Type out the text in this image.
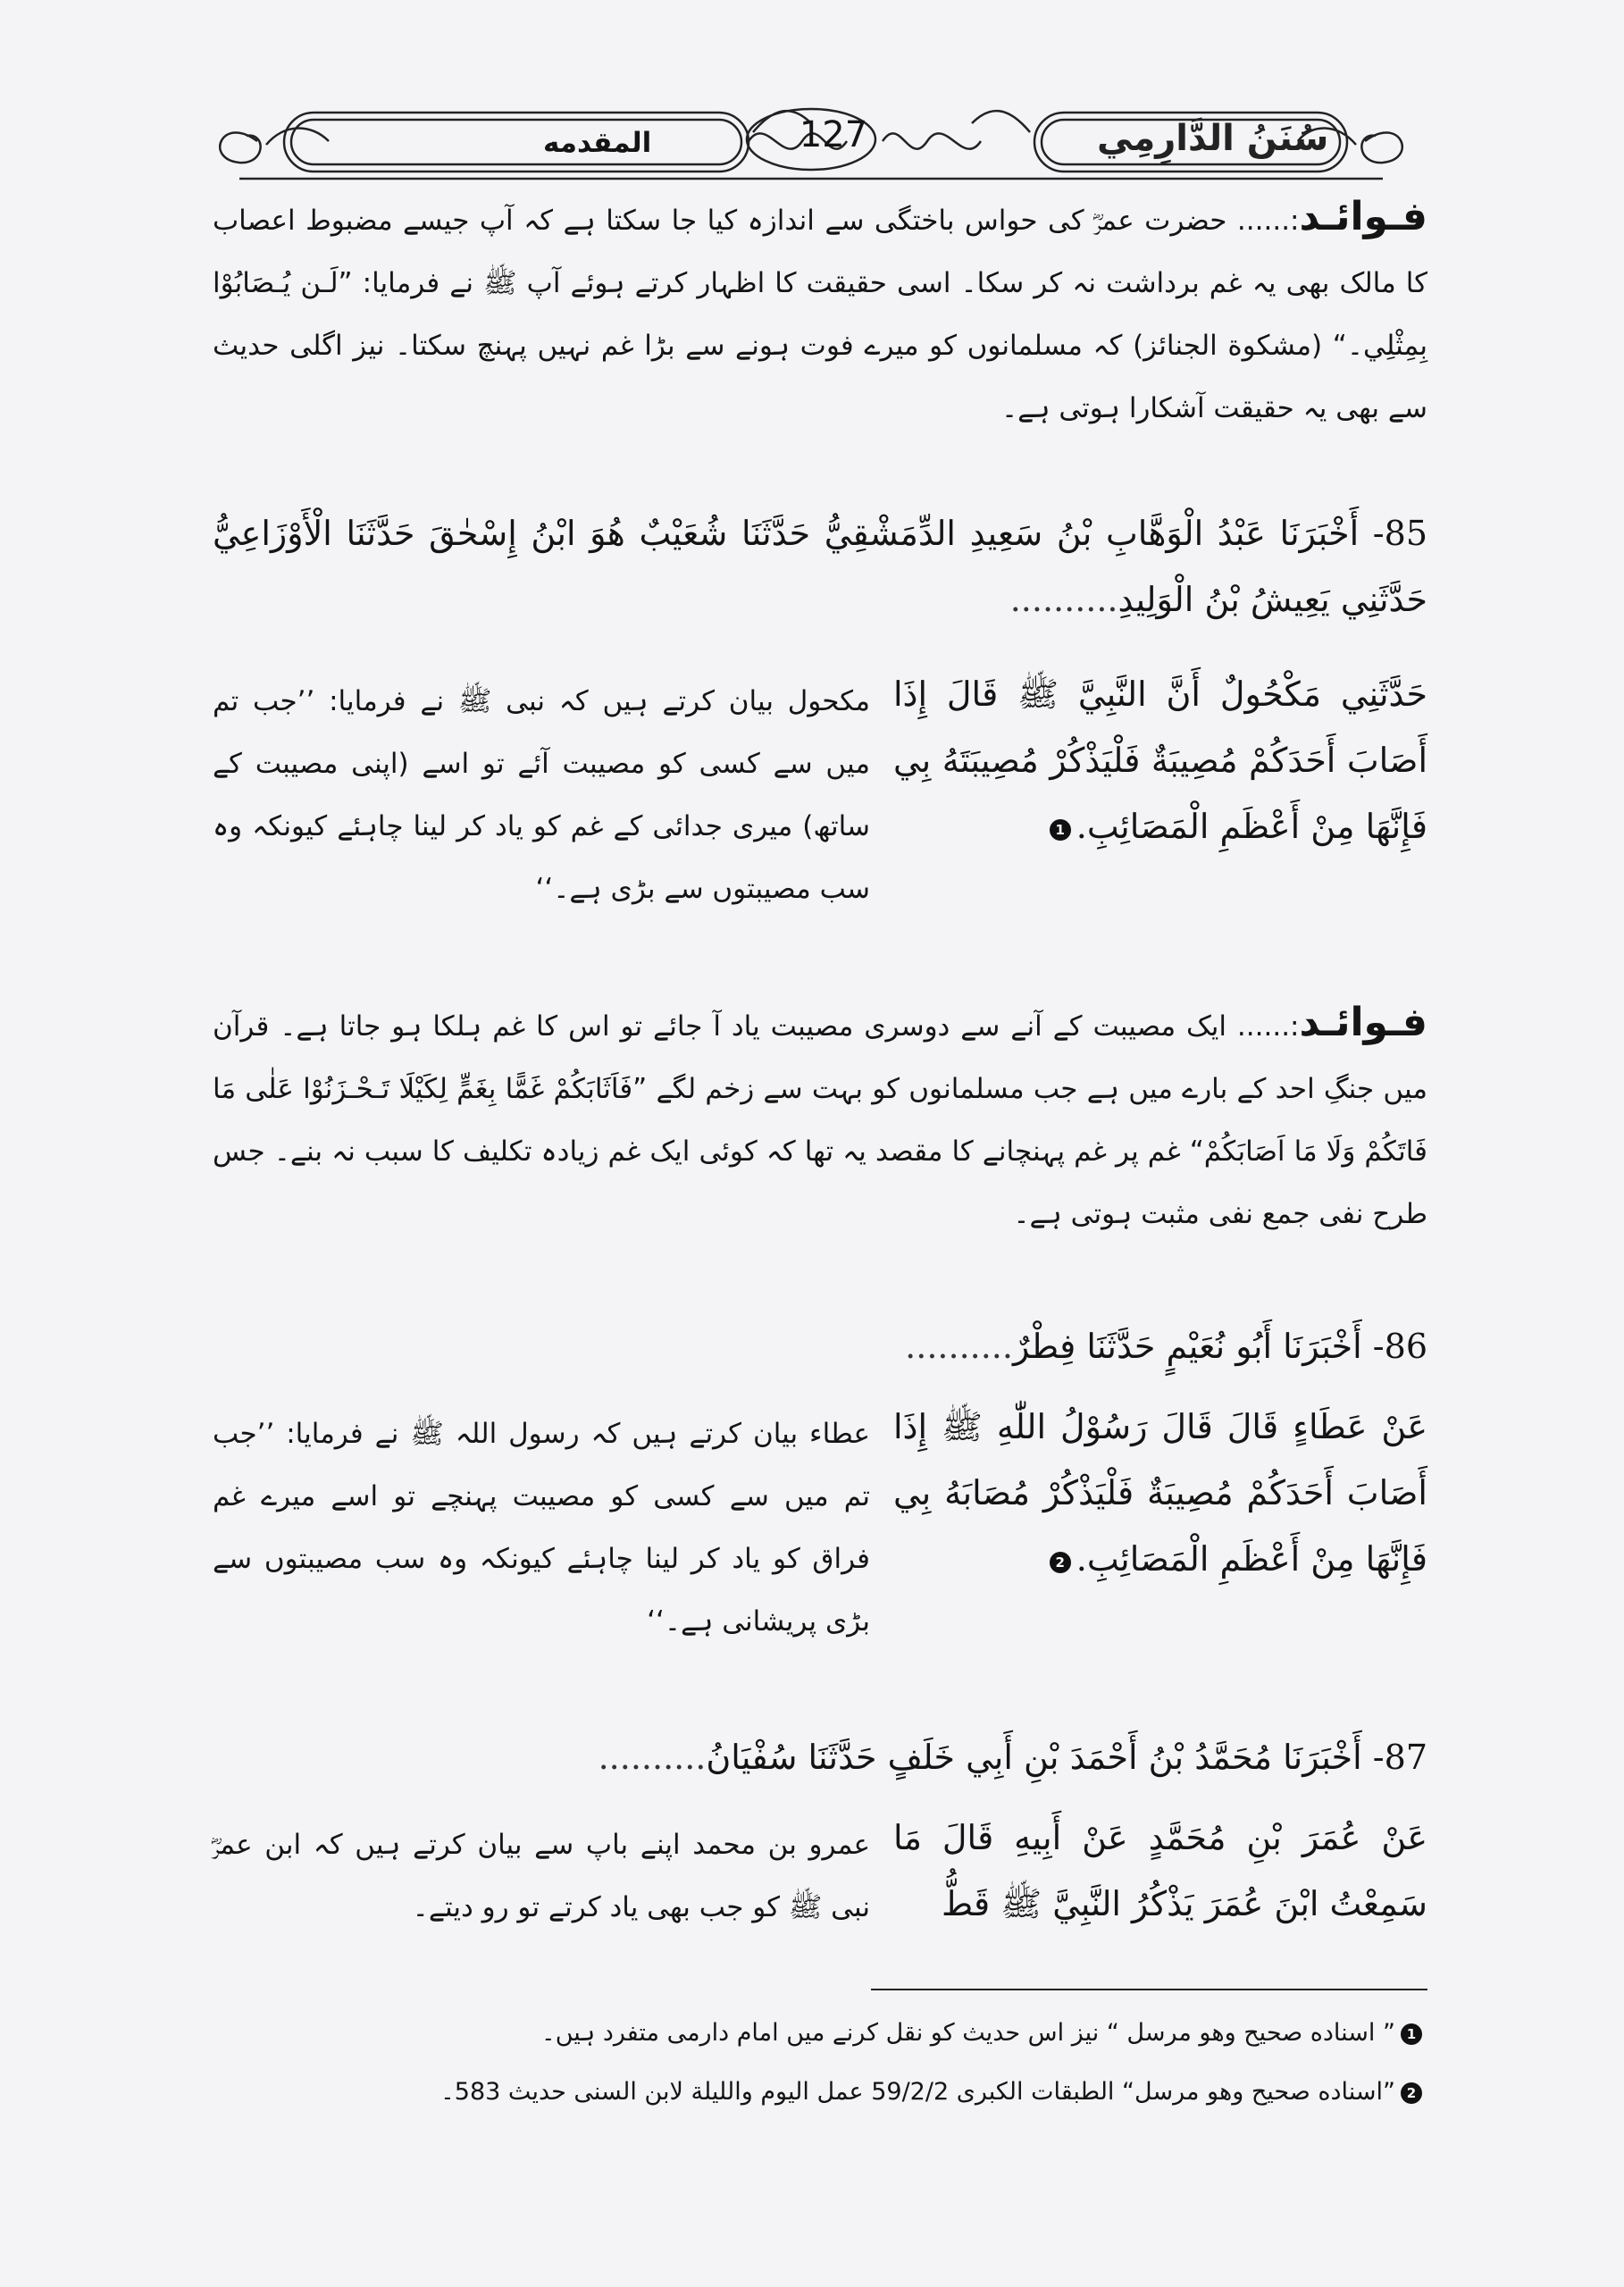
المقدمه	127	سُنَنُ الدَّارِمِي
فـوائـد:...... حضرت عمرؓ کی حواس باختگی سے اندازہ کیا جا سکتا ہے کہ آپ جیسے مضبوط اعصاب کا مالک بھی یہ غم برداشت نہ کر سکا۔ اسی حقیقت کا اظہار کرتے ہوئے آپ ﷺ نے فرمایا: ”لَـن يُـصَابُوْا بِمِثْلِي۔“ (مشكوة الجنائز) کہ مسلمانوں کو میرے فوت ہونے سے بڑا غم نہیں پہنچ سکتا۔ نیز اگلی حدیث سے بھی یہ حقیقت آشکارا ہوتی ہے۔
85- أَخْبَرَنَا عَبْدُ الْوَهَّابِ بْنُ سَعِيدِ الدِّمَشْقِيُّ حَدَّثَنَا شُعَيْبٌ هُوَ ابْنُ إِسْحٰقَ حَدَّثَنَا الْأَوْزَاعِيُّ حَدَّثَنِي يَعِيشُ بْنُ الْوَلِيدِ..........
حَدَّثَنِي مَكْحُولٌ أَنَّ النَّبِيَّ ﷺ قَالَ إِذَا أَصَابَ أَحَدَكُمْ مُصِيبَةٌ فَلْيَذْكُرْ مُصِيبَتَهُ بِي فَإِنَّهَا مِنْ أَعْظَمِ الْمَصَائِبِ.1
مکحول بیان کرتے ہیں کہ نبی ﷺ نے فرمایا: ’’جب تم میں سے کسی کو مصیبت آئے تو اسے (اپنی مصیبت کے ساتھ) میری جدائی کے غم کو یاد کر لینا چاہئے کیونکہ وہ سب مصیبتوں سے بڑی ہے۔‘‘
فـوائـد:...... ایک مصیبت کے آنے سے دوسری مصیبت یاد آ جائے تو اس کا غم ہلکا ہو جاتا ہے۔ قرآن میں جنگِ احد کے بارے میں ہے جب مسلمانوں کو بہت سے زخم لگے ”فَاَثَابَكُمْ غَمًّا بِغَمٍّ لِكَيْلَا تَـحْـزَنُوْا عَلٰى مَا فَاتَكُمْ وَلَا مَا اَصَابَكُمْ“ غم پر غم پہنچانے کا مقصد یہ تھا کہ کوئی ایک غم زیادہ تکلیف کا سبب نہ بنے۔ جس طرح نفی جمع نفی مثبت ہوتی ہے۔
86- أَخْبَرَنَا أَبُو نُعَيْمٍ حَدَّثَنَا فِطْرٌ..........
عَنْ عَطَاءٍ قَالَ قَالَ رَسُوْلُ اللّٰهِ ﷺ إِذَا أَصَابَ أَحَدَكُمْ مُصِيبَةٌ فَلْيَذْكُرْ مُصَابَهُ بِي فَإِنَّهَا مِنْ أَعْظَمِ الْمَصَائِبِ.2
عطاء بیان کرتے ہیں کہ رسول اللہ ﷺ نے فرمایا: ’’جب تم میں سے کسی کو مصیبت پہنچے تو اسے میرے غم فراق کو یاد کر لینا چاہئے کیونکہ وہ سب مصیبتوں سے بڑی پریشانی ہے۔‘‘
87- أَخْبَرَنَا مُحَمَّدُ بْنُ أَحْمَدَ بْنِ أَبِي خَلَفٍ حَدَّثَنَا سُفْيَانُ..........
عَنْ عُمَرَ بْنِ مُحَمَّدٍ عَنْ أَبِيهِ قَالَ مَا سَمِعْتُ ابْنَ عُمَرَ يَذْكُرُ النَّبِيَّ ﷺ قَطُّ
عمرو بن محمد اپنے باپ سے بیان کرتے ہیں کہ ابن عمرؓ نبی ﷺ کو جب بھی یاد کرتے تو رو دیتے۔
1” اسناده صحيح وهو مرسل “ نیز اس حدیث کو نقل کرنے میں امام دارمی متفرد ہیں۔
2”اسناده صحيح وهو مرسل“ الطبقات الكبرى 59/2/2 عمل اليوم والليلة لابن السنی حديث 583۔
